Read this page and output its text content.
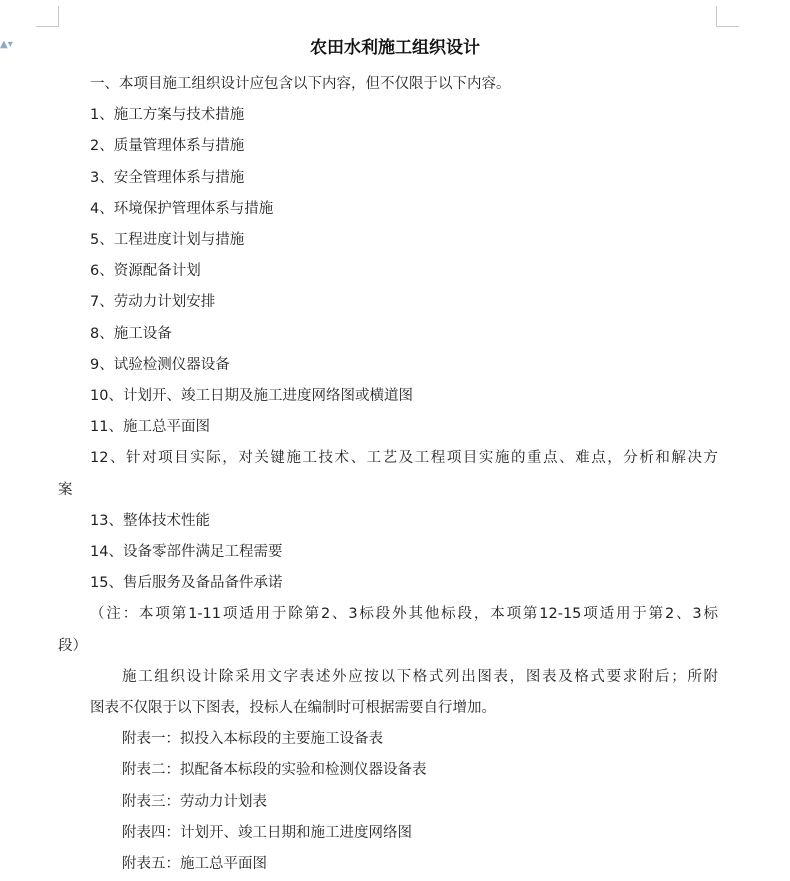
▲▾	农田水利施工组织设计

一、本项目施工组织设计应包含以下内容，但不仅限于以下内容。

1、施工方案与技术措施

2、质量管理体系与措施

3、安全管理体系与措施

4、环境保护管理体系与措施

5、工程进度计划与措施

6、资源配备计划

7、劳动力计划安排

8、施工设备

9、试验检测仪器设备

10、计划开、竣工日期及施工进度网络图或横道图

11、施工总平面图

12、针对项目实际，对关键施工技术、工艺及工程项目实施的重点、难点，分析和解决方

案

13、整体技术性能

14、设备零部件满足工程需要

15、售后服务及备品备件承诺

（注：本项第1-11项适用于除第2、3标段外其他标段，本项第12-15项适用于第2、3标

段）

施工组织设计除采用文字表述外应按以下格式列出图表，图表及格式要求附后；所附

图表不仅限于以下图表，投标人在编制时可根据需要自行增加。

附表一：拟投入本标段的主要施工设备表

附表二：拟配备本标段的实验和检测仪器设备表

附表三：劳动力计划表

附表四：计划开、竣工日期和施工进度网络图

附表五：施工总平面图
